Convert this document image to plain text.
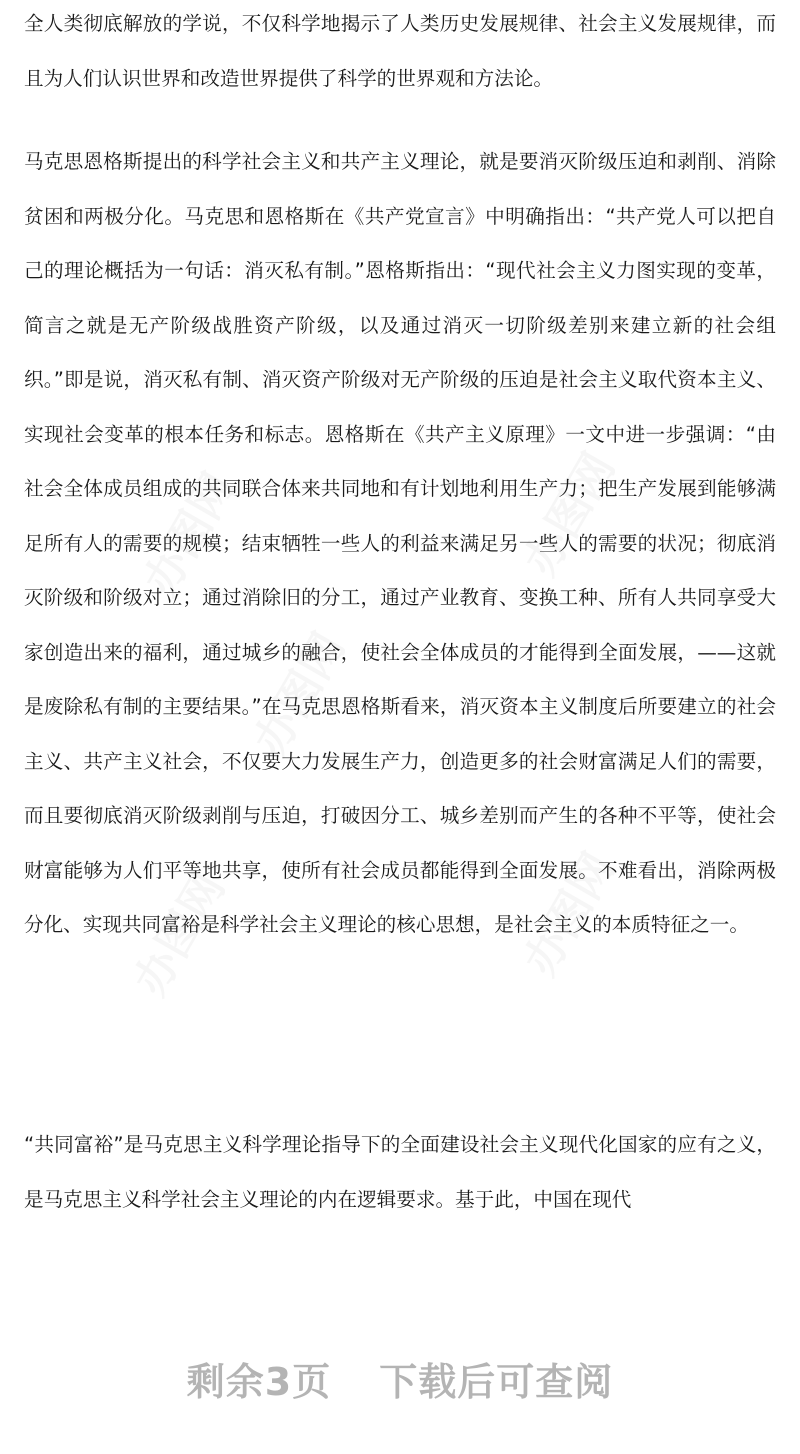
办图网	办图网
办图网
办图网	办图网

全人类彻底解放的学说，不仅科学地揭示了人类历史发展规律、社会主义发展规律，而且为人们认识世界和改造世界提供了科学的世界观和方法论。

马克思恩格斯提出的科学社会主义和共产主义理论，就是要消灭阶级压迫和剥削、消除贫困和两极分化。马克思和恩格斯在《共产党宣言》中明确指出：“共产党人可以把自己的理论概括为一句话：消灭私有制。”恩格斯指出：“现代社会主义力图实现的变革，简言之就是无产阶级战胜资产阶级，以及通过消灭一切阶级差别来建立新的社会组织。”即是说，消灭私有制、消灭资产阶级对无产阶级的压迫是社会主义取代资本主义、实现社会变革的根本任务和标志。恩格斯在《共产主义原理》一文中进一步强调：“由社会全体成员组成的共同联合体来共同地和有计划地利用生产力；把生产发展到能够满足所有人的需要的规模；结束牺牲一些人的利益来满足另一些人的需要的状况；彻底消灭阶级和阶级对立；通过消除旧的分工，通过产业教育、变换工种、所有人共同享受大家创造出来的福利，通过城乡的融合，使社会全体成员的才能得到全面发展，——这就是废除私有制的主要结果。”在马克思恩格斯看来，消灭资本主义制度后所要建立的社会主义、共产主义社会，不仅要大力发展生产力，创造更多的社会财富满足人们的需要，而且要彻底消灭阶级剥削与压迫，打破因分工、城乡差别而产生的各种不平等，使社会财富能够为人们平等地共享，使所有社会成员都能得到全面发展。不难看出，消除两极分化、实现共同富裕是科学社会主义理论的核心思想，是社会主义的本质特征之一。

“共同富裕”是马克思主义科学理论指导下的全面建设社会主义现代化国家的应有之义，是马克思主义科学社会主义理论的内在逻辑要求。基于此，中国在现代

剩余3页 下载后可查阅
